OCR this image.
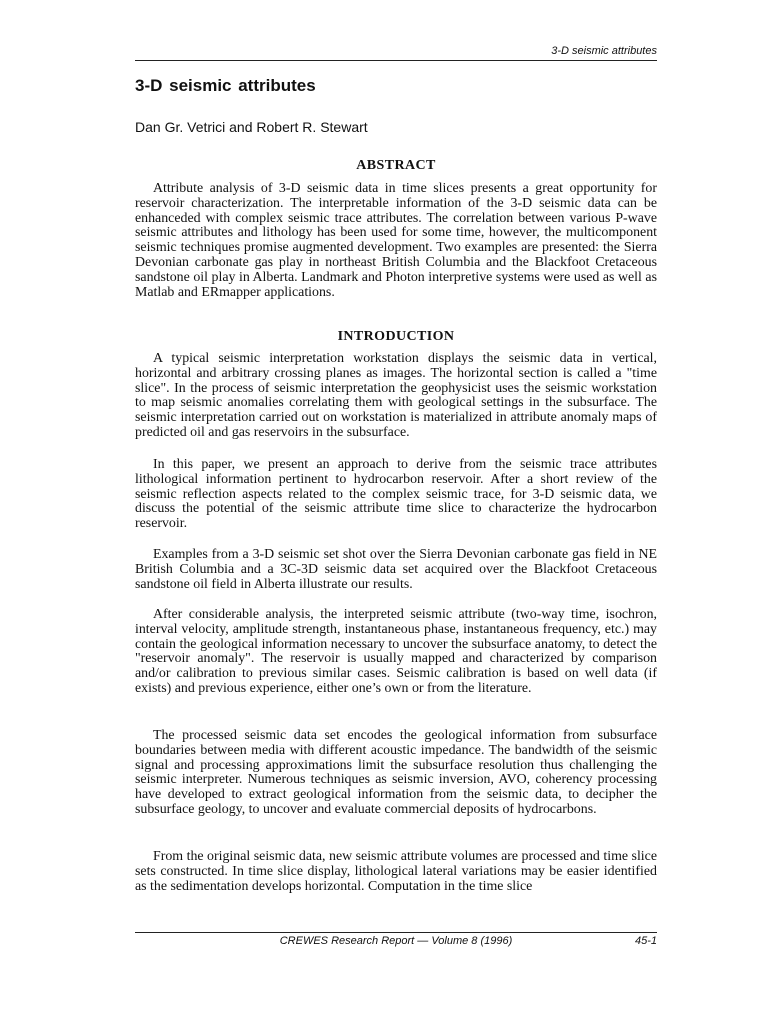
3-D seismic attributes
3-D seismic attributes
Dan Gr. Vetrici and Robert R. Stewart
ABSTRACT

Attribute analysis of 3-D seismic data in time slices presents a great opportunity for reservoir characterization. The interpretable information of the 3-D seismic data can be enhanceded with complex seismic trace attributes. The correlation between various P-wave seismic attributes and lithology has been used for some time, however, the multicomponent seismic techniques promise augmented development. Two examples are presented: the Sierra Devonian carbonate gas play in northeast British Columbia and the Blackfoot Cretaceous sandstone oil play in Alberta. Landmark and Photon interpretive systems were used as well as Matlab and ERmapper applications.

INTRODUCTION

A typical seismic interpretation workstation displays the seismic data in vertical, horizontal and arbitrary crossing planes as images. The horizontal section is called a "time slice". In the process of seismic interpretation the geophysicist uses the seismic workstation to map seismic anomalies correlating them with geological settings in the subsurface. The seismic interpretation carried out on workstation is materialized in attribute anomaly maps of predicted oil and gas reservoirs in the subsurface.

In this paper, we present an approach to derive from the seismic trace attributes lithological information pertinent to hydrocarbon reservoir. After a short review of the seismic reflection aspects related to the complex seismic trace, for 3-D seismic data, we discuss the potential of the seismic attribute time slice to characterize the hydrocarbon reservoir.

Examples from a 3-D seismic set shot over the Sierra Devonian carbonate gas field in NE British Columbia and a 3C-3D seismic data set acquired over the Blackfoot Cretaceous sandstone oil field in Alberta illustrate our results.

After considerable analysis, the interpreted seismic attribute (two-way time, isochron, interval velocity, amplitude strength, instantaneous phase, instantaneous frequency, etc.) may contain the geological information necessary to uncover the subsurface anatomy, to detect the "reservoir anomaly". The reservoir is usually mapped and characterized by comparison and/or calibration to previous similar cases. Seismic calibration is based on well data (if exists) and previous experience, either one’s own or from the literature.

The processed seismic data set encodes the geological information from subsurface boundaries between media with different acoustic impedance. The bandwidth of the seismic signal and processing approximations limit the subsurface resolution thus challenging the seismic interpreter. Numerous techniques as seismic inversion, AVO, coherency processing have developed to extract geological information from the seismic data, to decipher the subsurface geology, to uncover and evaluate commercial deposits of hydrocarbons.

From the original seismic data, new seismic attribute volumes are processed and time slice sets constructed. In time slice display, lithological lateral variations may be easier identified as the sedimentation develops horizontal. Computation in the time slice

CREWES Research Report — Volume 8 (1996)	45-1
